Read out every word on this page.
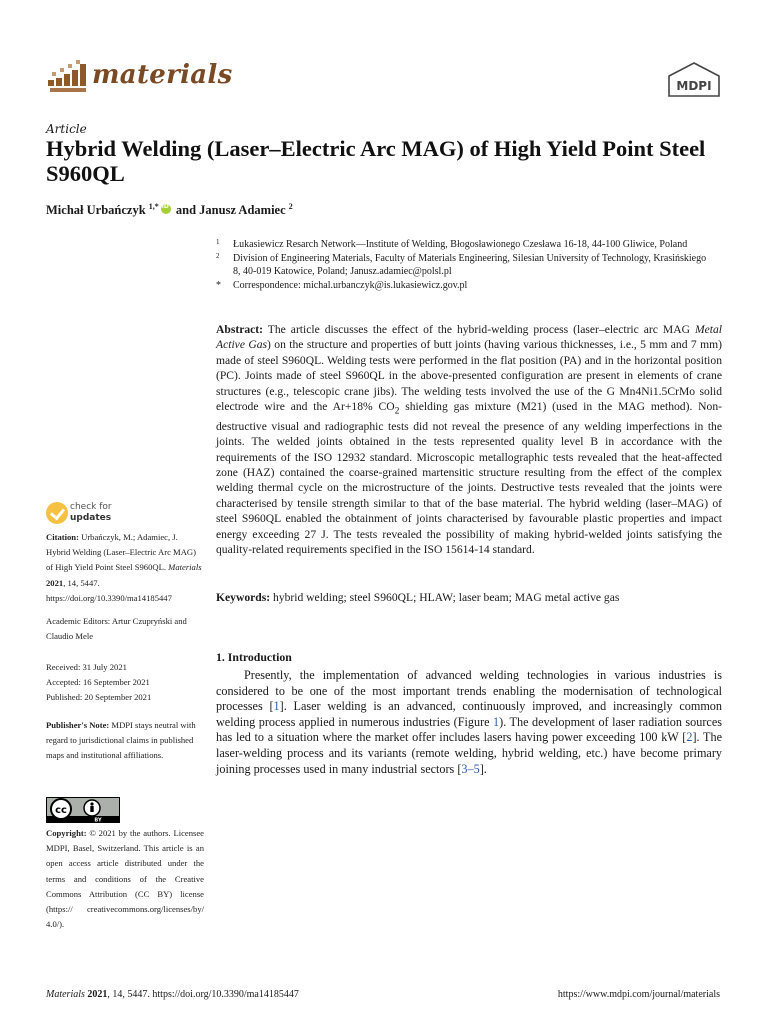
materials	MDPI
Article
Hybrid Welding (Laser–Electric Arc MAG) of High Yield Point Steel S960QL
Michał Urbańczyk $^{1,*}$iD and Janusz Adamiec $^2$
1 Łukasiewicz Resarch Network—Institute of Welding, Błogosławionego Czesława 16-18, 44-100 Gliwice, Poland
2 Division of Engineering Materials, Faculty of Materials Engineering, Silesian University of Technology, Krasińskiego 8, 40-019 Katowice, Poland; Janusz.adamiec@polsl.pl
* Correspondence: michal.urbanczyk@is.lukasiewicz.gov.pl
check for
updates
Citation: Urbańczyk, M.; Adamiec, J. Hybrid Welding (Laser–Electric Arc MAG) of High Yield Point Steel S960QL. Materials 2021, 14, 5447. https://doi.org/10.3390/ma14185447
Academic Editors: Artur Czupryński and Claudio Mele
Received: 31 July 2021
Accepted: 16 September 2021
Published: 20 September 2021
Publisher's Note: MDPI stays neutral with regard to jurisdictional claims in published maps and institutional affiliations.
cc
BY
Copyright: © 2021 by the authors. Licensee MDPI, Basel, Switzerland. This article is an open access article distributed under the terms and conditions of the Creative Commons Attribution (CC BY) license (https:// creativecommons.org/licenses/by/ 4.0/).
Abstract: The article discusses the effect of the hybrid-welding process (laser–electric arc MAG Metal Active Gas) on the structure and properties of butt joints (having various thicknesses, i.e., 5 mm and 7 mm) made of steel S960QL. Welding tests were performed in the flat position (PA) and in the horizontal position (PC). Joints made of steel S960QL in the above-presented configuration are present in elements of crane structures (e.g., telescopic crane jibs). The welding tests involved the use of the G Mn4Ni1.5CrMo solid electrode wire and the Ar+18% $CO_2$ shielding gas mixture (M21) (used in the MAG method). Non-destructive visual and radiographic tests did not reveal the presence of any welding imperfections in the joints. The welded joints obtained in the tests represented quality level B in accordance with the requirements of the ISO 12932 standard. Microscopic metallographic tests revealed that the heat-affected zone (HAZ) contained the coarse-grained martensitic structure resulting from the effect of the complex welding thermal cycle on the microstructure of the joints. Destructive tests revealed that the joints were characterised by tensile strength similar to that of the base material. The hybrid welding (laser–MAG) of steel S960QL enabled the obtainment of joints characterised by favourable plastic properties and impact energy exceeding 27 J. The tests revealed the possibility of making hybrid-welded joints satisfying the quality-related requirements specified in the ISO 15614-14 standard.
Keywords: hybrid welding; steel S960QL; HLAW; laser beam; MAG metal active gas
1. Introduction
Presently, the implementation of advanced welding technologies in various industries is considered to be one of the most important trends enabling the modernisation of technological processes [1]. Laser welding is an advanced, continuously improved, and increasingly common welding process applied in numerous industries (Figure 1). The development of laser radiation sources has led to a situation where the market offer includes lasers having power exceeding 100 kW [2]. The laser-welding process and its variants (remote welding, hybrid welding, etc.) have become primary joining processes used in many industrial sectors [3–5].
Materials 2021, 14, 5447. https://doi.org/10.3390/ma14185447	https://www.mdpi.com/journal/materials
